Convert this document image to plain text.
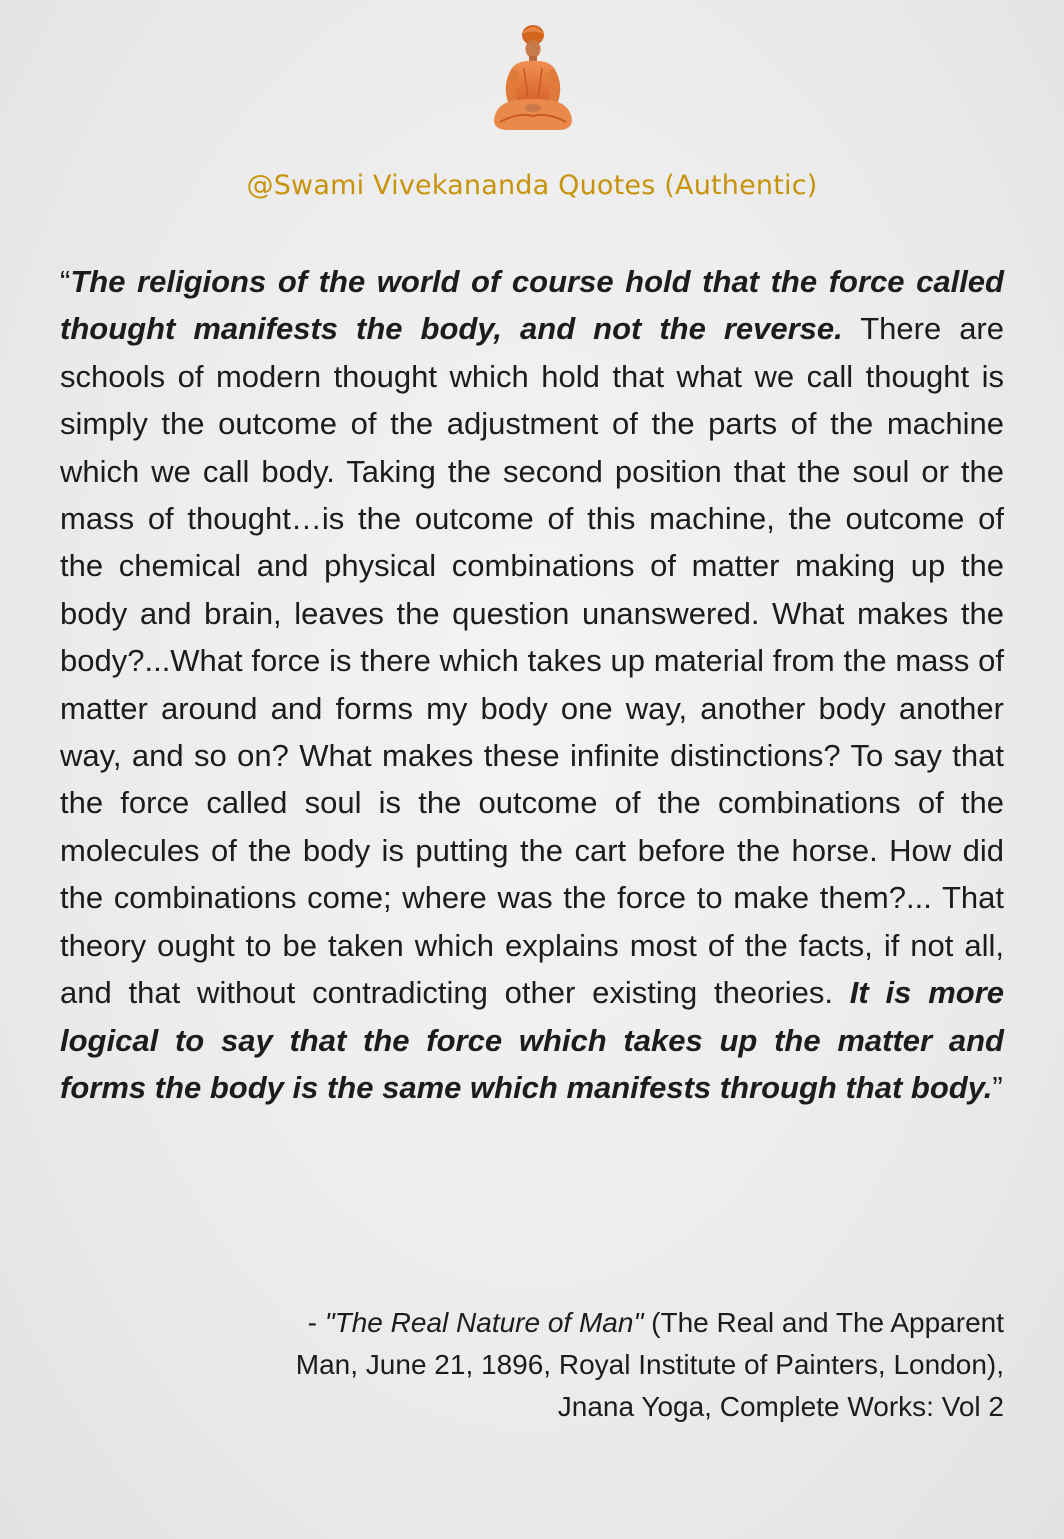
@Swami Vivekananda Quotes (Authentic)

“The religions of the world of course hold that the force called thought manifests the body, and not the reverse. There are schools of modern thought which hold that what we call thought is simply the outcome of the adjustment of the parts of the machine which we call body. Taking the second position that the soul or the mass of thought…is the outcome of this machine, the outcome of the chemical and physical combinations of matter making up the body and brain, leaves the question unanswered. What makes the body?...What force is there which takes up material from the mass of matter around and forms my body one way, another body another way, and so on? What makes these infinite distinctions? To say that the force called soul is the outcome of the combinations of the molecules of the body is putting the cart before the horse. How did the combinations come; where was the force to make them?... That theory ought to be taken which explains most of the facts, if not all, and that without contradicting other existing theories. It is more logical to say that the force which takes up the matter and forms the body is the same which manifests through that body.”

- "The Real Nature of Man" (The Real and The Apparent
Man, June 21, 1896, Royal Institute of Painters, London),
Jnana Yoga, Complete Works: Vol 2
